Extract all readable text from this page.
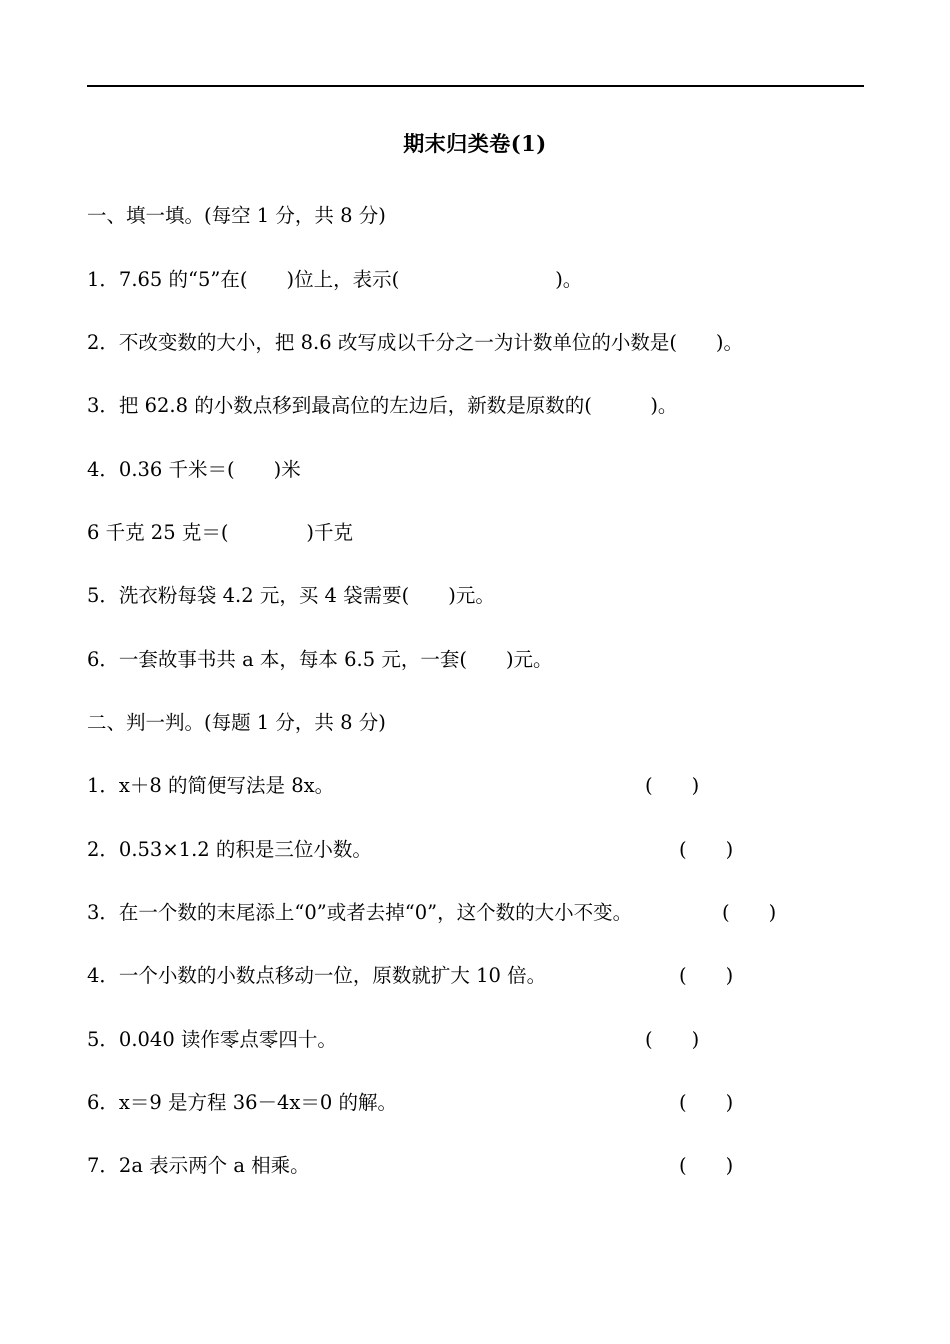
期末归类卷(1)
一、填一填。(每空 1 分，共 8 分)
1．7.65 的“5”在(　　)位上，表示(　　　　　　　　)。
2．不改变数的大小，把 8.6 改写成以千分之一为计数单位的小数是(　　)。
3．把 62.8 的小数点移到最高位的左边后，新数是原数的(　　　)。
4．0.36 千米＝(　　)米
6 千克 25 克＝(　　　　)千克
5．洗衣粉每袋 4.2 元，买 4 袋需要(　　)元。
6．一套故事书共 a 本，每本 6.5 元，一套(　　)元。
二、判一判。(每题 1 分，共 8 分)
1．x＋8 的简便写法是 8x。	(　　)
2．0.53×1.2 的积是三位小数。	(　　)
3．在一个数的末尾添上“0”或者去掉“0”，这个数的大小不变。	(　　)
4．一个小数的小数点移动一位，原数就扩大 10 倍。	(　　)
5．0.040 读作零点零四十。	(　　)
6．x＝9 是方程 36－4x＝0 的解。	(　　)
7．2a 表示两个 a 相乘。	(　　)
